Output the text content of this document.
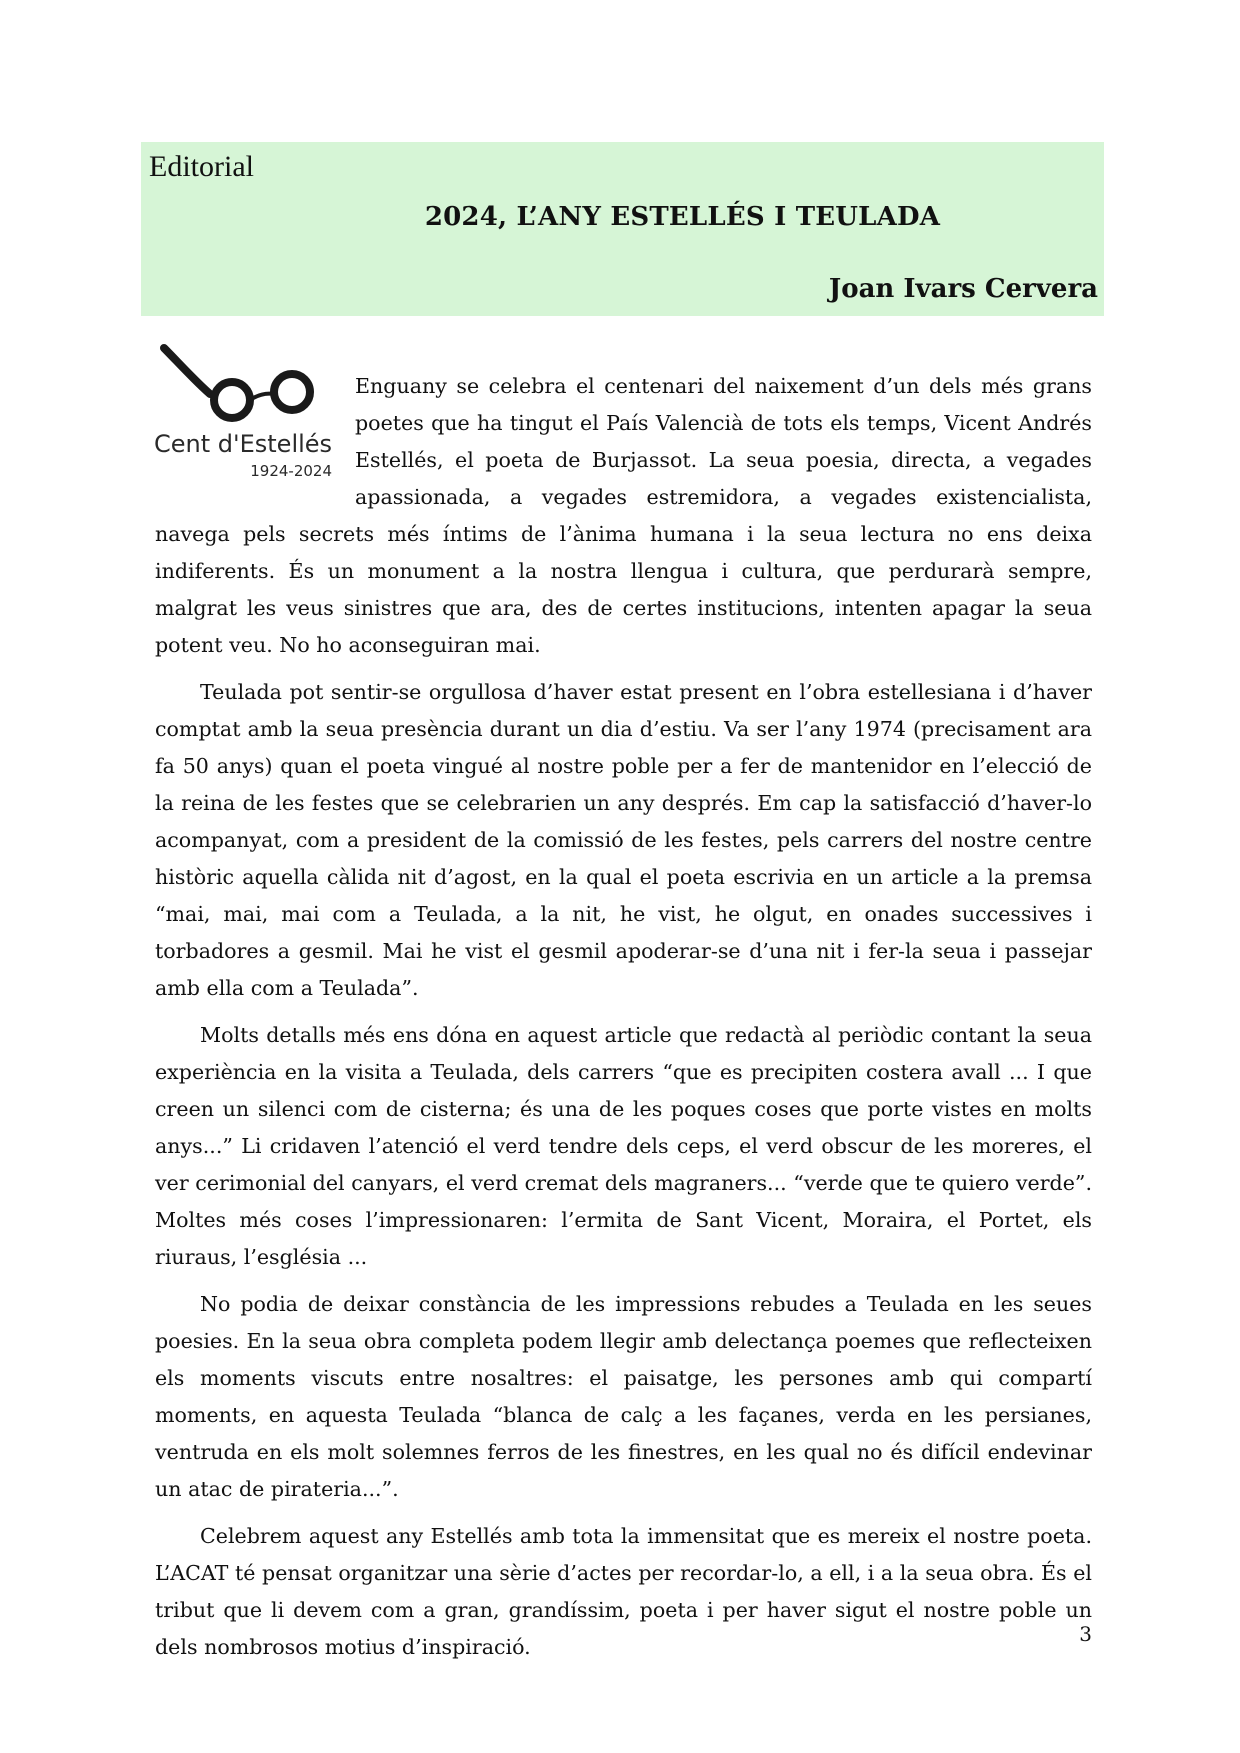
Editorial
2024, L’ANY ESTELLÉS I TEULADA
Joan Ivars Cervera
Cent d'Estellés
1924-2024

Enguany se celebra el centenari del naixement d’un dels més grans poetes que ha tingut el País Valencià de tots els temps, Vicent Andrés Estellés, el poeta de Burjassot. La seua poesia, directa, a vegades apassionada, a vegades estremidora, a vegades existencialista, navega pels secrets més íntims de l’ànima humana i la seua lectura no ens deixa indiferents. És un monument a la nostra llengua i cultura, que perdurarà sempre, malgrat les veus sinistres que ara, des de certes institucions, intenten apagar la seua potent veu. No ho aconseguiran mai.

Teulada pot sentir-se orgullosa d’haver estat present en l’obra estellesiana i d’haver comptat amb la seua presència durant un dia d’estiu. Va ser l’any 1974 (precisament ara fa 50 anys) quan el poeta vingué al nostre poble per a fer de mantenidor en l’elecció de la reina de les festes que se celebrarien un any després. Em cap la satisfacció d’haver-lo acompanyat, com a president de la comissió de les festes, pels carrers del nostre centre històric aquella càlida nit d’agost, en la qual el poeta escrivia en un article a la premsa “mai, mai, mai com a Teulada, a la nit, he vist, he olgut, en onades successives i torbadores a gesmil. Mai he vist el gesmil apoderar-se d’una nit i fer-la seua i passejar amb ella com a Teulada”.

Molts detalls més ens dóna en aquest article que redactà al periòdic contant la seua experiència en la visita a Teulada, dels carrers “que es precipiten costera avall ... I que creen un silenci com de cisterna; és una de les poques coses que porte vistes en molts anys...” Li cridaven l’atenció el verd tendre dels ceps, el verd obscur de les moreres, el ver cerimonial del canyars, el verd cremat dels magraners... “verde que te quiero verde”. Moltes més coses l’impressionaren: l’ermita de Sant Vicent, Moraira, el Portet, els riuraus, l’església ...

No podia de deixar constància de les impressions rebudes a Teulada en les seues poesies. En la seua obra completa podem llegir amb delectança poemes que reflecteixen els moments viscuts entre nosaltres: el paisatge, les persones amb qui compartí moments, en aquesta Teulada “blanca de calç a les façanes, verda en les persianes, ventruda en els molt solemnes ferros de les finestres, en les qual no és difícil endevinar un atac de pirateria...”.

Celebrem aquest any Estellés amb tota la immensitat que es mereix el nostre poeta. L’ACAT té pensat organitzar una sèrie d’actes per recordar-lo, a ell, i a la seua obra. És el tribut que li devem com a gran, grandíssim, poeta i per haver sigut el nostre poble un dels nombrosos motius d’inspiració.

3
